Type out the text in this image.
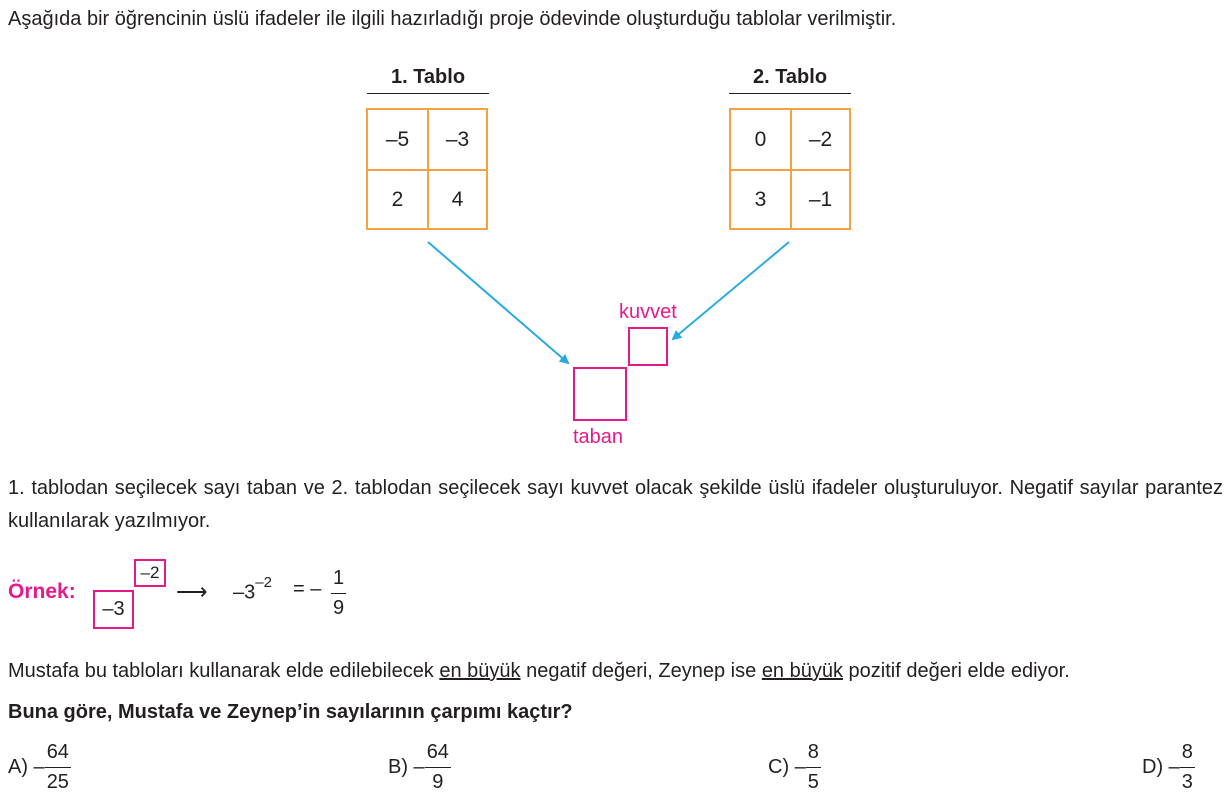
Aşağıda bir öğrencinin üslü ifadeler ile ilgili hazırladığı proje ödevinde oluşturduğu tablolar verilmiştir.
1. Tablo
–5	–3
2	4
2. Tablo
0	–2
3	–1
kuvvet
taban
1. tablodan seçilecek sayı taban ve 2. tablodan seçilecek sayı kuvvet olacak şekilde üslü ifadeler oluşturuluyor. Negatif sayılar parantez kullanılarak yazılmıyor.
Örnek:
–2
–3
⟶ $-3^{-2}$ = – $\frac{1}{9}$
Mustafa bu tabloları kullanarak elde edilebilecek en büyük negatif değeri, Zeynep ise en büyük pozitif değeri elde ediyor.
Buna göre, Mustafa ve Zeynep’in sayılarının çarpımı kaçtır?
$A) - \frac{64}{25}$	$B) - \frac{64}{9}$	$C) - \frac{8}{5}$	$D) - \frac{8}{3}$
